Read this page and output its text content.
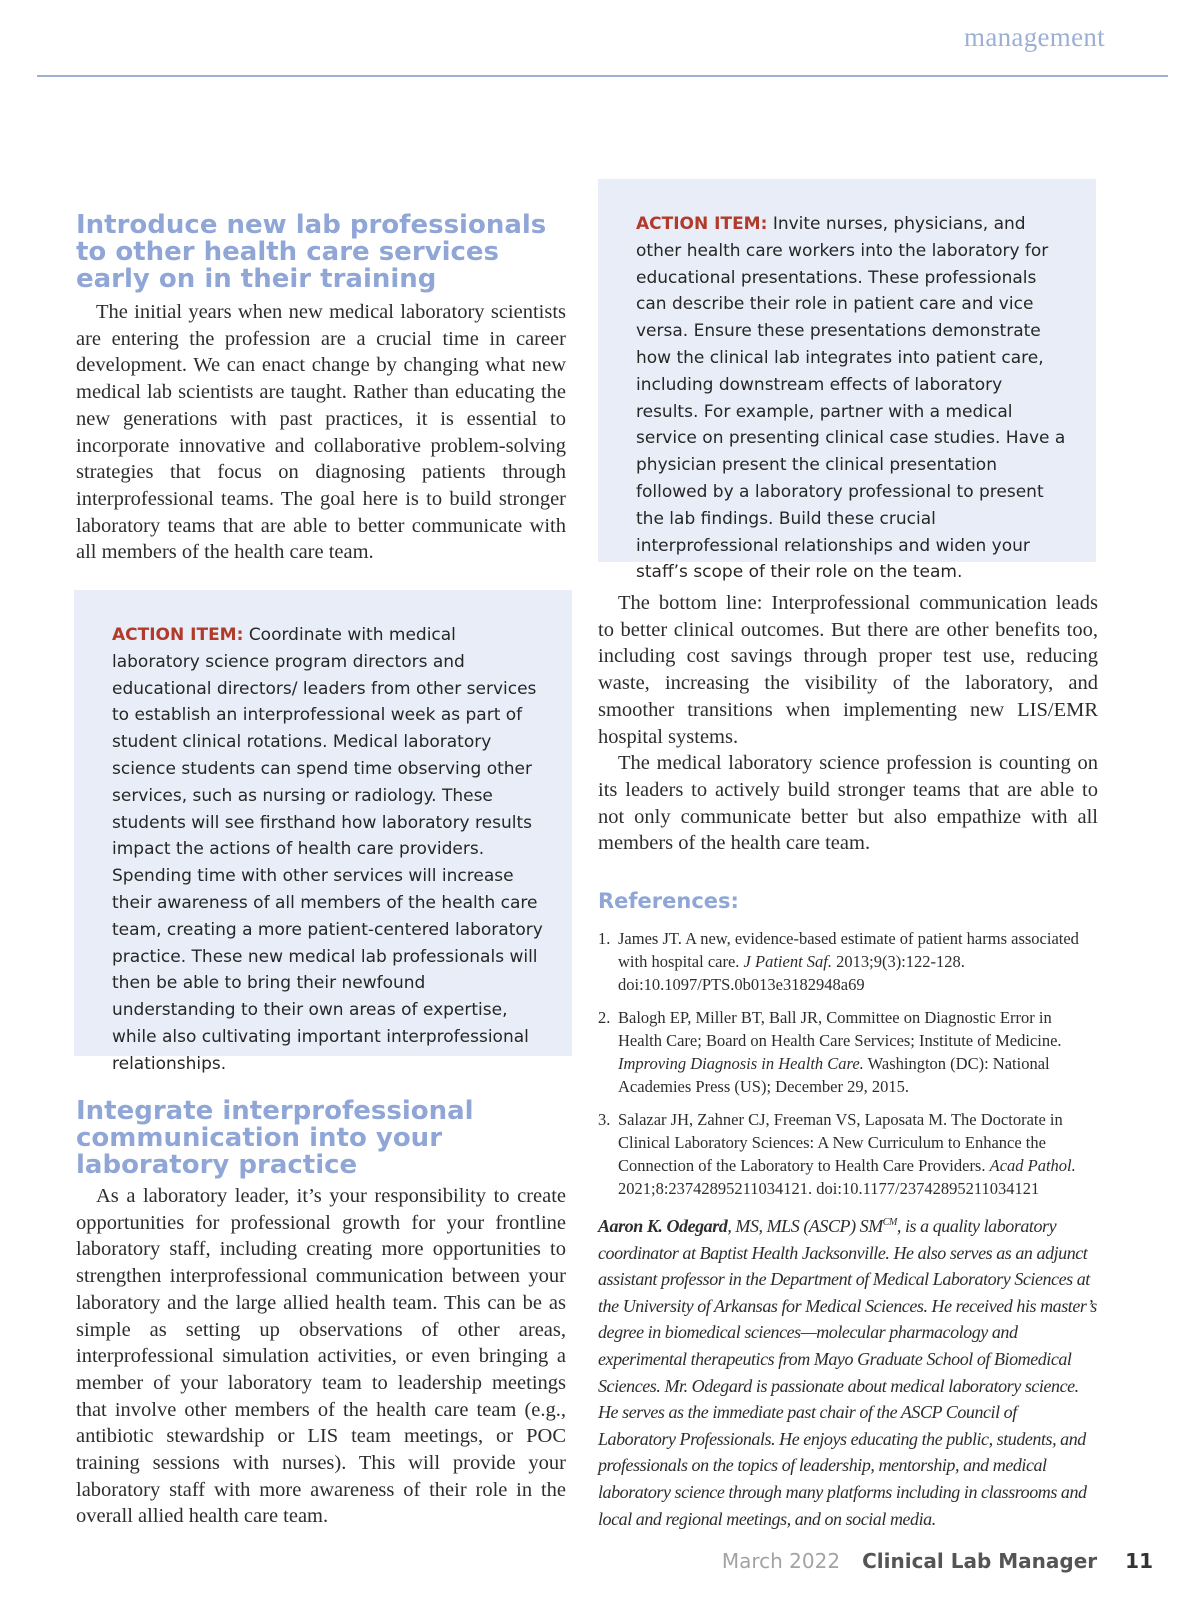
management
Introduce new lab professionals to other health care services early on in their training

The initial years when new medical laboratory scientists are entering the profession are a crucial time in career development. We can enact change by changing what new medical lab scientists are taught. Rather than educating the new generations with past practices, it is essential to incorporate innovative and collaborative problem-solving strategies that focus on diagnosing patients through interprofessional teams. The goal here is to build stronger laboratory teams that are able to better communicate with all members of the health care team.

ACTION ITEM: Coordinate with medical laboratory science program directors and educational directors/ leaders from other services to establish an interprofessional week as part of student clinical rotations. Medical laboratory science students can spend time observing other services, such as nursing or radiology. These students will see firsthand how laboratory results impact the actions of health care providers. Spending time with other services will increase their awareness of all members of the health care team, creating a more patient-centered laboratory practice. These new medical lab professionals will then be able to bring their newfound understanding to their own areas of expertise, while also cultivating important interprofessional relationships.
Integrate interprofessional communication into your laboratory practice

As a laboratory leader, it’s your responsibility to create opportunities for professional growth for your frontline laboratory staff, including creating more opportunities to strengthen interprofessional communication between your laboratory and the large allied health team. This can be as simple as setting up observations of other areas, interprofessional simulation activities, or even bringing a member of your laboratory team to leadership meetings that involve other members of the health care team (e.g., antibiotic stewardship or LIS team meetings, or POC training sessions with nurses). This will provide your laboratory staff with more awareness of their role in the overall allied health care team.

ACTION ITEM: Invite nurses, physicians, and other health care workers into the laboratory for educational presentations. These professionals can describe their role in patient care and vice versa. Ensure these presentations demonstrate how the clinical lab integrates into patient care, including downstream effects of laboratory results. For example, partner with a medical service on presenting clinical case studies. Have a physician present the clinical presentation followed by a laboratory professional to present the lab findings. Build these crucial interprofessional relationships and widen your staff’s scope of their role on the team.

The bottom line: Interprofessional communication leads to better clinical outcomes. But there are other benefits too, including cost savings through proper test use, reducing waste, increasing the visibility of the laboratory, and smoother transitions when implementing new LIS/EMR hospital systems.

The medical laboratory science profession is counting on its leaders to actively build stronger teams that are able to not only communicate better but also empathize with all members of the health care team.

References:
1. James JT. A new, evidence-based estimate of patient harms associated with hospital care. J Patient Saf. 2013;9(3):122-128. doi:10.1097/PTS.0b013e3182948a69
2. Balogh EP, Miller BT, Ball JR, Committee on Diagnostic Error in Health Care; Board on Health Care Services; Institute of Medicine. Improving Diagnosis in Health Care. Washington (DC): National Academies Press (US); December 29, 2015.
3. Salazar JH, Zahner CJ, Freeman VS, Laposata M. The Doctorate in Clinical Laboratory Sciences: A New Curriculum to Enhance the Connection of the Laboratory to Health Care Providers. Acad Pathol. 2021;8:23742895211034121. doi:10.1177/23742895211034121

Aaron K. Odegard, MS, MLS (ASCP) $SM^{CM}$, is a quality laboratory coordinator at Baptist Health Jacksonville. He also serves as an adjunct assistant professor in the Department of Medical Laboratory Sciences at the University of Arkansas for Medical Sciences. He received his master’s degree in biomedical sciences—molecular pharmacology and experimental therapeutics from Mayo Graduate School of Biomedical Sciences. Mr. Odegard is passionate about medical laboratory science. He serves as the immediate past chair of the ASCP Council of Laboratory Professionals. He enjoys educating the public, students, and professionals on the topics of leadership, mentorship, and medical laboratory science through many platforms including in classrooms and local and regional meetings, and on social media.

March 2022 Clinical Lab Manager 11
